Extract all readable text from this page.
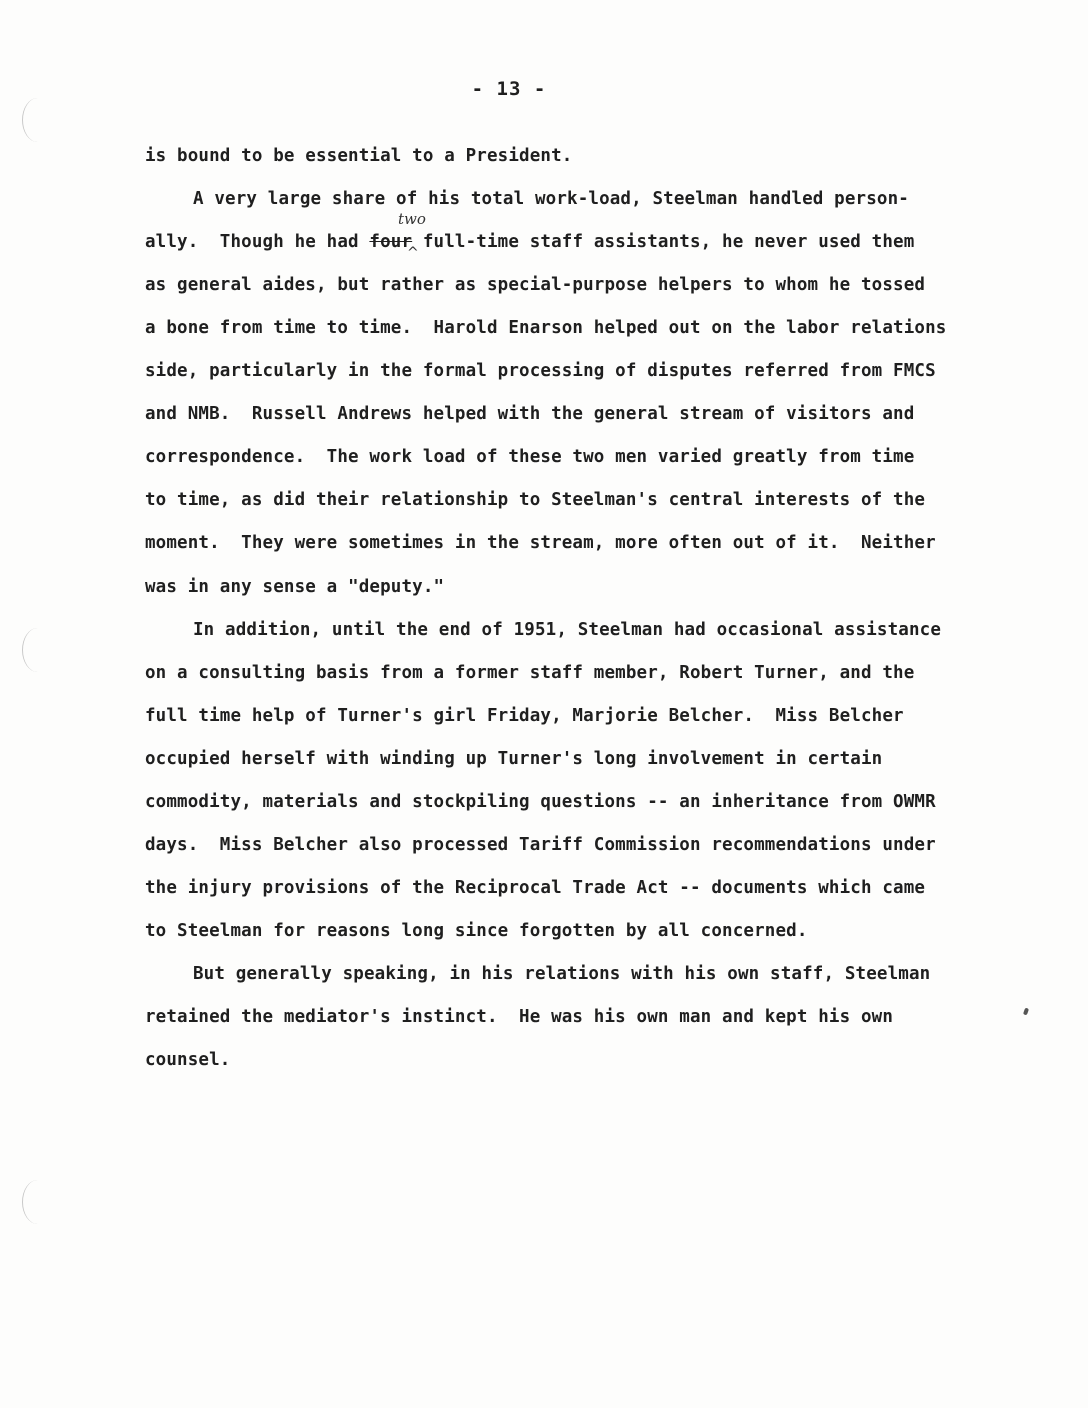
- 13 -
is bound to be essential to a President.
A very large share of his total work-load, Steelman handled person-
ally.  Though he had four full-time staff assistants, he never used them
two
^
as general aides, but rather as special-purpose helpers to whom he tossed
a bone from time to time.  Harold Enarson helped out on the labor relations
side, particularly in the formal processing of disputes referred from FMCS
and NMB.  Russell Andrews helped with the general stream of visitors and
correspondence.  The work load of these two men varied greatly from time
to time, as did their relationship to Steelman's central interests of the
moment.  They were sometimes in the stream, more often out of it.  Neither
was in any sense a "deputy."
In addition, until the end of 1951, Steelman had occasional assistance
on a consulting basis from a former staff member, Robert Turner, and the
full time help of Turner's girl Friday, Marjorie Belcher.  Miss Belcher
occupied herself with winding up Turner's long involvement in certain
commodity, materials and stockpiling questions -- an inheritance from OWMR
days.  Miss Belcher also processed Tariff Commission recommendations under
the injury provisions of the Reciprocal Trade Act -- documents which came
to Steelman for reasons long since forgotten by all concerned.
But generally speaking, in his relations with his own staff, Steelman
retained the mediator's instinct.  He was his own man and kept his own
counsel.
